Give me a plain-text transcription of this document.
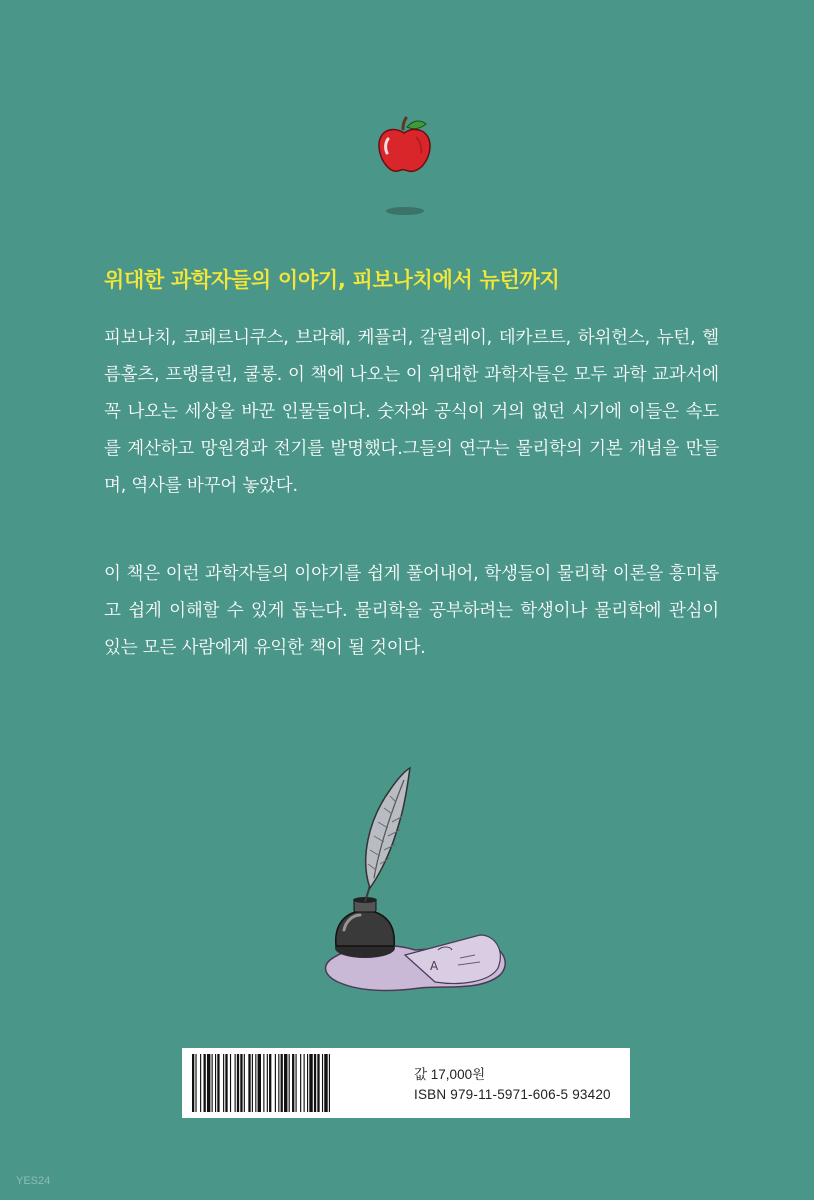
위대한 과학자들의 이야기, 피보나치에서 뉴턴까지

피보나치, 코페르니쿠스, 브라헤, 케플러, 갈릴레이, 데카르트, 하위헌스, 뉴턴, 헬름홀츠, 프랭클린, 쿨롱. 이 책에 나오는 이 위대한 과학자들은 모두 과학 교과서에 꼭 나오는 세상을 바꾼 인물들이다. 숫자와 공식이 거의 없던 시기에 이들은 속도를 계산하고 망원경과 전기를 발명했다.그들의 연구는 물리학의 기본 개념을 만들며, 역사를 바꾸어 놓았다.

이 책은 이런 과학자들의 이야기를 쉽게 풀어내어, 학생들이 물리학 이론을 흥미롭고 쉽게 이해할 수 있게 돕는다. 물리학을 공부하려는 학생이나 물리학에 관심이 있는 모든 사람에게 유익한 책이 될 것이다.

A
값 17,000원
ISBN 979-11-5971-606-5 93420
YES24
